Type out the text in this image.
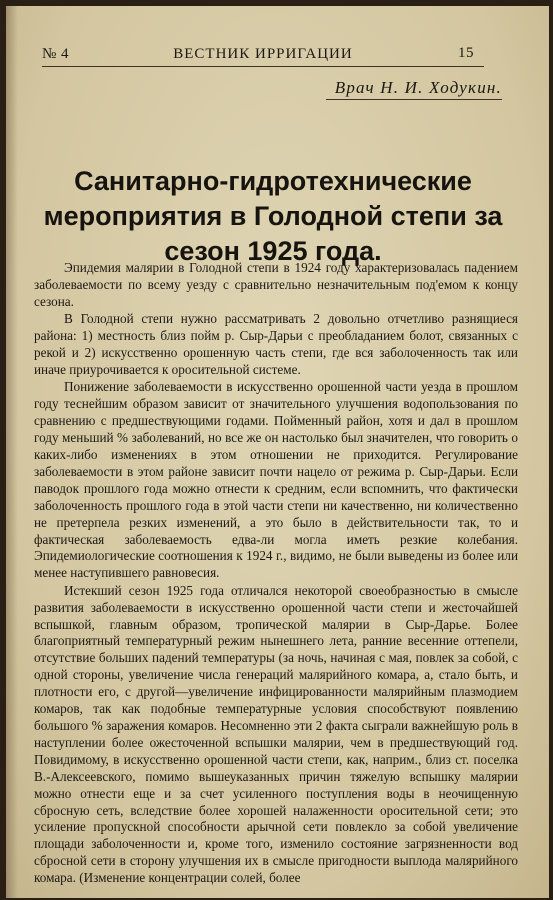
№ 4	ВЕСТНИК ИРРИГАЦИИ	15
Врач Н. И. Ходукин.
Санитарно-гидротехнические мероприятия в Голодной степи за сезон 1925 года.

Эпидемия малярии в Голодной степи в 1924 году характеризовалась падением заболеваемости по всему уезду с сравнительно незначительным под'емом к концу сезона.

В Голодной степи нужно рассматривать 2 довольно отчетливо разнящиеся района: 1) местность близ пойм р. Сыр-Дарьи с преобладанием болот, связанных с рекой и 2) искусственно орошенную часть степи, где вся заболоченность так или иначе приурочивается к оросительной системе.

Понижение заболеваемости в искусственно орошенной части уезда в прошлом году теснейшим образом зависит от значительного улучшения водопользования по сравнению с предшествующими годами. Пойменный район, хотя и дал в прошлом году меньший % заболеваний, но все же он настолько был значителен, что говорить о каких-либо изменениях в этом отношении не приходится. Регулирование заболеваемости в этом районе зависит почти нацело от режима р. Сыр-Дарьи. Если паводок прошлого года можно отнести к средним, если вспомнить, что фактически заболоченность прошлого года в этой части степи ни качественно, ни количественно не претерпела резких изменений, а это было в действительности так, то и фактическая заболеваемость едва-ли могла иметь резкие колебания. Эпидемиологические соотношения к 1924 г., видимо, не были выведены из более или менее наступившего равновесия.

Истекший сезон 1925 года отличался некоторой своеобразностью в смысле развития заболеваемости в искусственно орошенной части степи и жесточайшей вспышкой, главным образом, тропической малярии в Сыр-Дарье. Более благоприятный температурный режим нынешнего лета, ранние весенние оттепели, отсутствие больших падений температуры (за ночь, начиная с мая, повлек за собой, с одной стороны, увеличение числа генераций малярийного комара, а, стало быть, и плотности его, с другой—увеличение инфицированности малярийным плазмодием комаров, так как подобные температурные условия способствуют появлению большого % заражения комаров. Несомненно эти 2 факта сыграли важнейшую роль в наступлении более ожесточенной вспышки малярии, чем в предшествующий год. Повидимому, в искусственно орошенной части степи, как, наприм., близ ст. поселка В.-Алексеевского, помимо вышеуказанных причин тяжелую вспышку малярии можно отнести еще и за счет усиленного поступления воды в неочищенную сбросную сеть, вследствие более хорошей налаженности оросительной сети; это усиление пропускной способности арычной сети повлекло за собой увеличение площади заболоченности и, кроме того, изменило состояние загрязненности вод сбросной сети в сторону улучшения их в смысле пригодности выплода малярийного комара. (Изменение концентрации солей, более
